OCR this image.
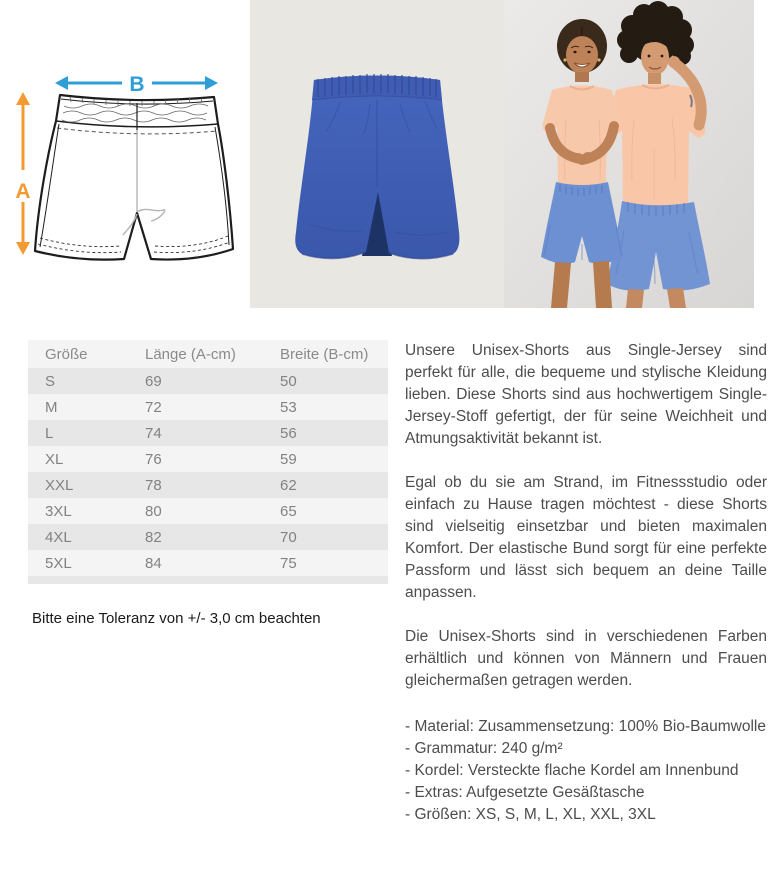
B
A
Größe	Länge (A-cm)	Breite (B-cm)
S	69	50
M	72	53
L	74	56
XL	76	59
XXL	78	62
3XL	80	65
4XL	82	70
5XL	84	75

Bitte eine Toleranz von +/- 3,0 cm beachten

Unsere Unisex-Shorts aus Single-Jersey sind perfekt für alle, die bequeme und stylische Kleidung lieben. Diese Shorts sind aus hochwertigem Single-Jersey-Stoff gefertigt, der für seine Weichheit und Atmungsaktivität bekannt ist.

Egal ob du sie am Strand, im Fitnessstudio oder einfach zu Hause tragen möchtest - diese Shorts sind vielseitig einsetzbar und bieten maximalen Komfort. Der elastische Bund sorgt für eine perfekte Passform und lässt sich bequem an deine Taille anpassen.

Die Unisex-Shorts sind in verschiedenen Farben erhältlich und können von Männern und Frauen gleichermaßen getragen werden.

- Material: Zusammensetzung: 100% Bio-Baumwolle
- Grammatur: 240 g/m²
- Kordel: Versteckte flache Kordel am Innenbund
- Extras: Aufgesetzte Gesäßtasche
- Größen: XS, S, M, L, XL, XXL, 3XL
